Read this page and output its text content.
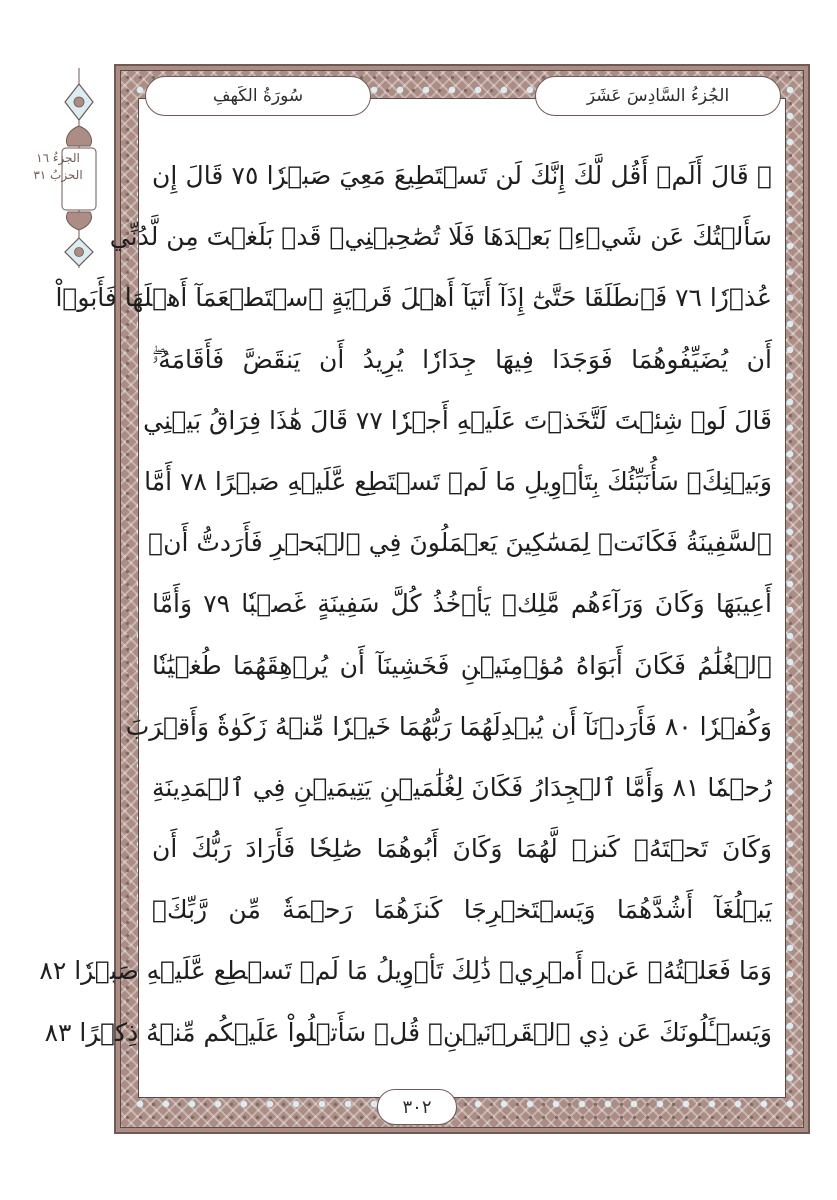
الجزءُ ١٦
الحزبُ ٣١
الجُزءُ السَّادِسَ عَشَرَ
سُورَةُ الكَهفِ
۞ قَالَ أَلَمۡ أَقُل لَّكَ إِنَّكَ لَن تَسۡتَطِيعَ مَعِيَ صَبۡرٗا ٧٥ قَالَ إِن
سَأَلۡتُكَ عَن شَيۡءِۭ بَعۡدَهَا فَلَا تُصَٰحِبۡنِيۖ قَدۡ بَلَغۡتَ مِن لَّدُنِّي
عُذۡرٗا ٧٦ فَٱنطَلَقَا حَتَّىٰٓ إِذَآ أَتَيَآ أَهۡلَ قَرۡيَةٍ ٱسۡتَطۡعَمَآ أَهۡلَهَا فَأَبَوۡاْ
أَن يُضَيِّفُوهُمَا فَوَجَدَا فِيهَا جِدَارٗا يُرِيدُ أَن يَنقَضَّ فَأَقَامَهُۥۖ
قَالَ لَوۡ شِئۡتَ لَتَّخَذۡتَ عَلَيۡهِ أَجۡرٗا ٧٧ قَالَ هَٰذَا فِرَاقُ بَيۡنِي
وَبَيۡنِكَۚ سَأُنَبِّئُكَ بِتَأۡوِيلِ مَا لَمۡ تَسۡتَطِع عَّلَيۡهِ صَبۡرًا ٧٨ أَمَّا
ٱلسَّفِينَةُ فَكَانَتۡ لِمَسَٰكِينَ يَعۡمَلُونَ فِي ٱلۡبَحۡرِ فَأَرَدتُّ أَنۡ
أَعِيبَهَا وَكَانَ وَرَآءَهُم مَّلِكٞ يَأۡخُذُ كُلَّ سَفِينَةٍ غَصۡبٗا ٧٩ وَأَمَّا
ٱلۡغُلَٰمُ فَكَانَ أَبَوَاهُ مُؤۡمِنَيۡنِ فَخَشِينَآ أَن يُرۡهِقَهُمَا طُغۡيَٰنٗا
وَكُفۡرٗا ٨٠ فَأَرَدۡنَآ أَن يُبۡدِلَهُمَا رَبُّهُمَا خَيۡرٗا مِّنۡهُ زَكَوٰةٗ وَأَقۡرَبَ
رُحۡمٗا ٨١ وَأَمَّا ٱلۡجِدَارُ فَكَانَ لِغُلَٰمَيۡنِ يَتِيمَيۡنِ فِي ٱلۡمَدِينَةِ
وَكَانَ تَحۡتَهُۥ كَنزٞ لَّهُمَا وَكَانَ أَبُوهُمَا صَٰلِحٗا فَأَرَادَ رَبُّكَ أَن
يَبۡلُغَآ أَشُدَّهُمَا وَيَسۡتَخۡرِجَا كَنزَهُمَا رَحۡمَةٗ مِّن رَّبِّكَۚ
وَمَا فَعَلۡتُهُۥ عَنۡ أَمۡرِيۚ ذَٰلِكَ تَأۡوِيلُ مَا لَمۡ تَسۡطِع عَّلَيۡهِ صَبۡرٗا ٨٢
وَيَسۡـَٔلُونَكَ عَن ذِي ٱلۡقَرۡنَيۡنِۖ قُلۡ سَأَتۡلُواْ عَلَيۡكُم مِّنۡهُ ذِكۡرًا ٨٣
٣٠٢
